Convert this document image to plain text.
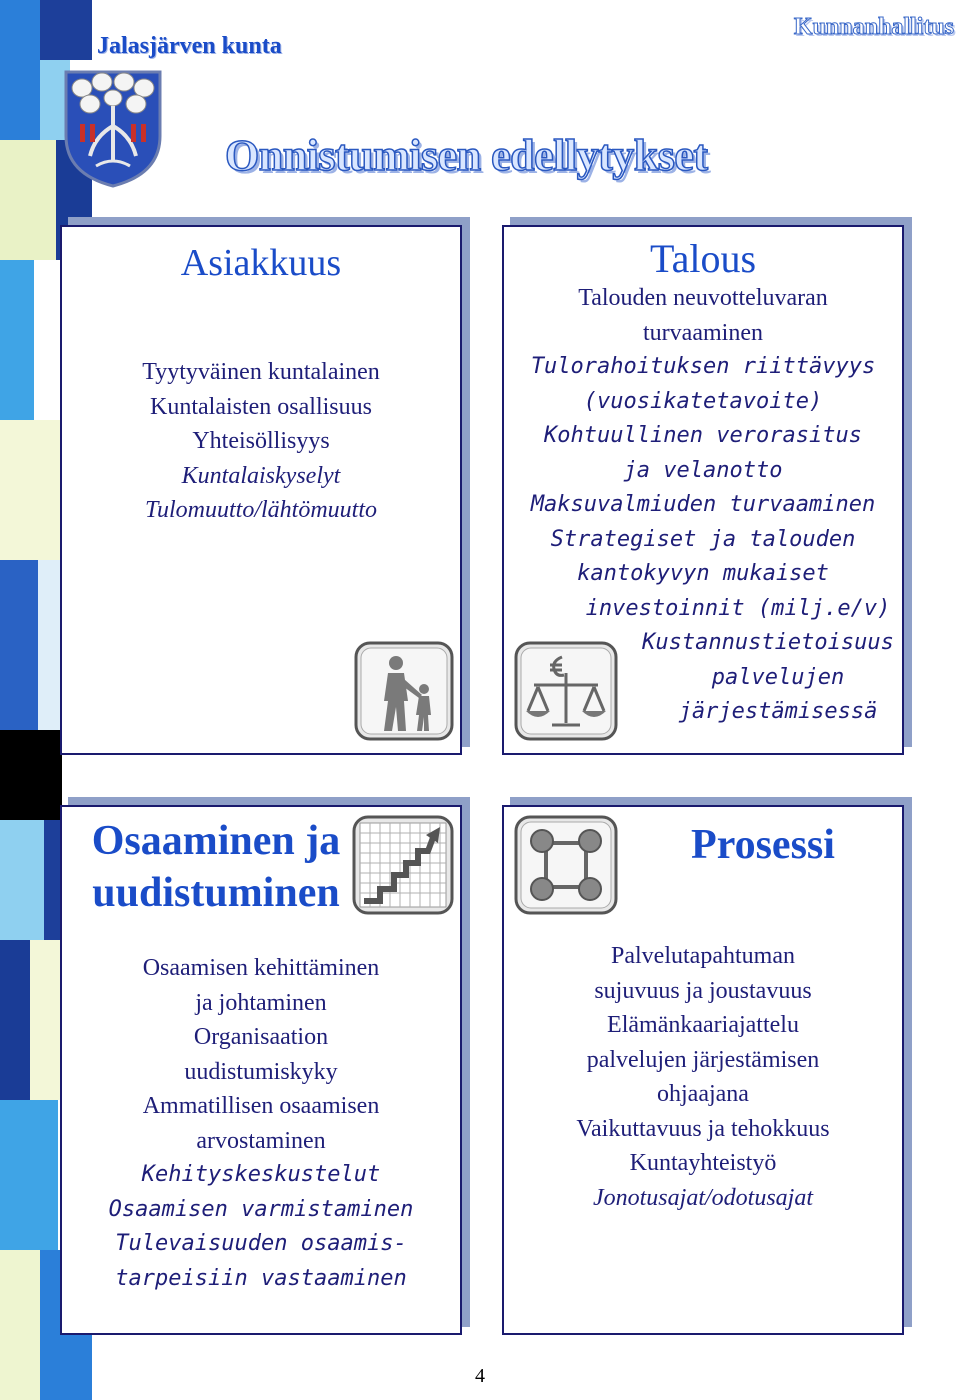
Jalasjärven kunta
Kunnanhallitus
Onnistumisen edellytykset
Asiakkuus
Tyytyväinen kuntalainen
Kuntalaisten osallisuus
Yhteisöllisyys
Kuntalaiskyselyt
Tulomuutto/lähtömuutto
Talous
Talouden neuvotteluvaran
turvaaminen
Tulorahoituksen riittävyys
(vuosikatetavoite)
Kohtuullinen verorasitus
ja velanotto
Maksuvalmiuden turvaaminen
Strategiset ja talouden
kantokyvyn mukaiset
investoinnit (milj.e/v)
Kustannustietoisuus
palvelujen
järjestämisessä
Osaaminen ja
uudistuminen
Osaamisen kehittäminen
ja johtaminen
Organisaation
uudistumiskyky
Ammatillisen osaamisen
arvostaminen
Kehityskeskustelut
Osaamisen varmistaminen
Tulevaisuuden osaamis-
tarpeisiin vastaaminen
Prosessi
Palvelutapahtuman
sujuvuus ja joustavuus
Elämänkaariajattelu
palvelujen järjestämisen
ohjaajana
Vaikuttavuus ja tehokkuus
Kuntayhteistyö
Jonotusajat/odotusajat
4
